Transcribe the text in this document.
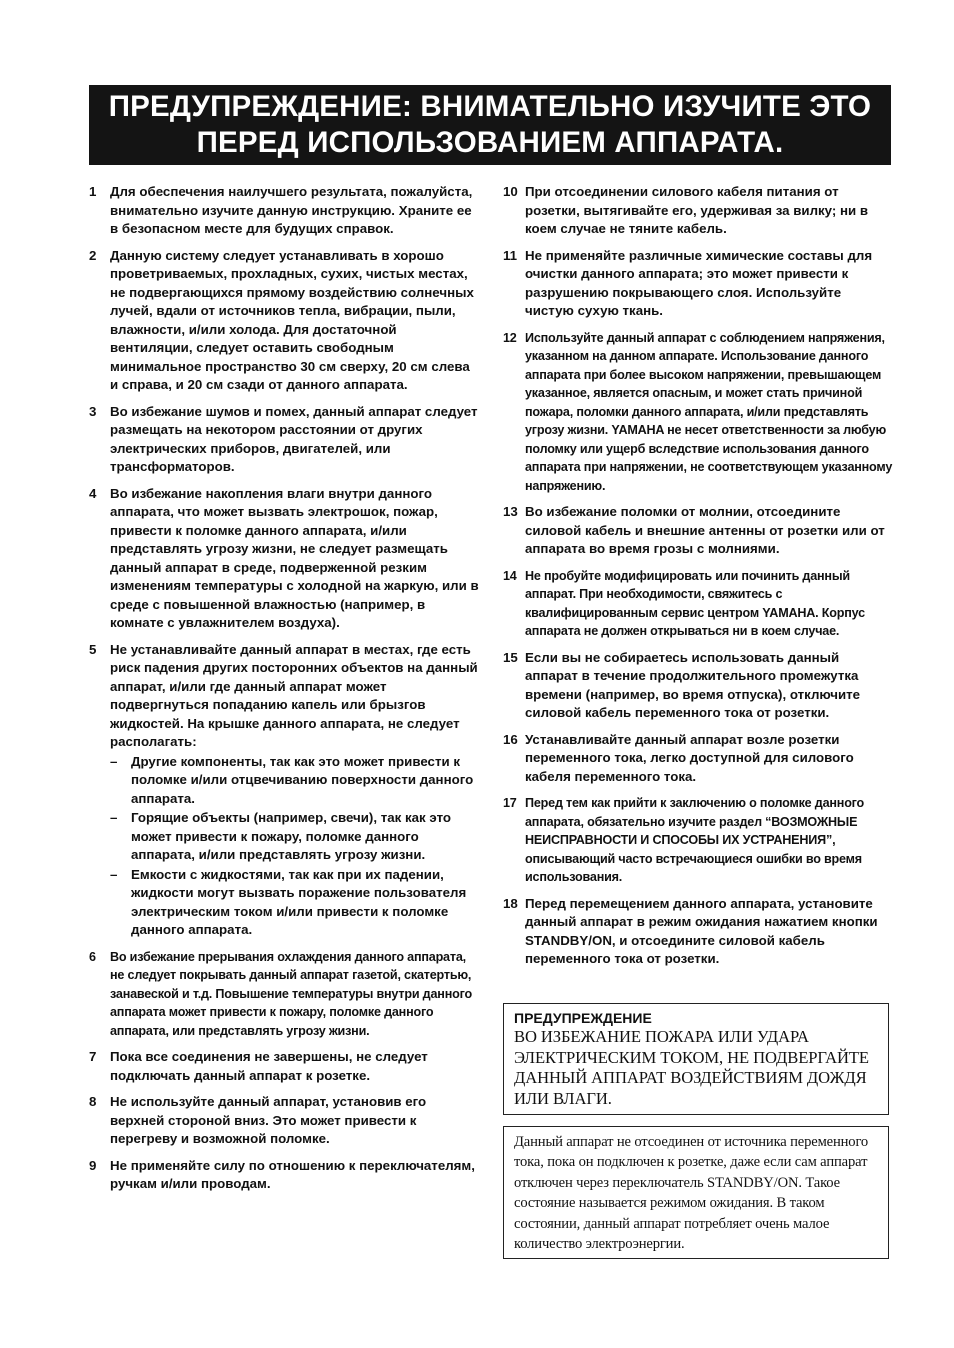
ПРЕДУПРЕЖДЕНИЕ: ВНИМАТЕЛЬНО ИЗУЧИТЕ ЭТО
ПЕРЕД ИСПОЛЬЗОВАНИЕМ АППАРАТА.
1	Для обеспечения наилучшего результата, пожалуйста, внимательно изучите данную инструкцию. Храните ее в безопасном месте для будущих справок.
2	Данную систему следует устанавливать в хорошо проветриваемых, прохладных, сухих, чистых местах, не подвергающихся прямому воздействию солнечных лучей, вдали от источников тепла, вибрации, пыли, влажности, и/или холода. Для достаточной вентиляции, следует оставить свободным минимальное пространство 30 см сверху, 20 см слева и справа, и 20 см сзади от данного аппарата.
3	Во избежание шумов и помех, данный аппарат следует размещать на некотором расстоянии от других электрических приборов, двигателей, или трансформаторов.
4	Во избежание накопления влаги внутри данного аппарата, что может вызвать электрошок, пожар, привести к поломке данного аппарата, и/или представлять угрозу жизни, не следует размещать данный аппарат в среде, подверженной резким изменениям температуры с холодной на жаркую, или в среде с повышенной влажностью (например, в комнате с увлажнителем воздуха).
5	Не устанавливайте данный аппарат в местах, где есть риск падения других посторонних объектов на данный аппарат, и/или где данный аппарат может подвергнуться попаданию капель или брызгов жидкостей. На крышке данного аппарата, не следует располагать:
–	Другие компоненты, так как это может привести к поломке и/или отцвечиванию поверхности данного аппарата.
–	Горящие объекты (например, свечи), так как это может привести к пожару, поломке данного аппарата, и/или представлять угрозу жизни.
–	Емкости с жидкостями, так как при их падении, жидкости могут вызвать поражение пользователя электрическим током и/или привести к поломке данного аппарата.
6	Во избежание прерывания охлаждения данного аппарата, не следует покрывать данный аппарат газетой, скатертью, занавеской и т.д. Повышение температуры внутри данного аппарата может привести к пожару, поломке данного аппарата, или представлять угрозу жизни.
7	Пока все соединения не завершены, не следует подключать данный аппарат к розетке.
8	Не используйте данный аппарат, установив его верхней стороной вниз. Это может привести к перегреву и возможной поломке.
9	Не применяйте силу по отношению к переключателям, ручкам и/или проводам.
10 При отсоединении силового кабеля питания от розетки, вытягивайте его, удерживая за вилку; ни в коем случае не тяните кабель.
11 Не применяйте различные химические составы для очистки данного аппарата; это может привести к разрушению покрывающего слоя. Используйте чистую сухую ткань.
12 Используйте данный аппарат с соблюдением напряжения, указанном на данном аппарате. Использование данного аппарата при более высоком напряжении, превышающем указанное, является опасным, и может стать причиной пожара, поломки данного аппарата, и/или представлять угрозу жизни. YAMAHA не несет ответственности за любую поломку или ущерб вследствие использования данного аппарата при напряжении, не соответствующем указанному напряжению.
13 Во избежание поломки от молнии, отсоедините силовой кабель и внешние антенны от розетки или от аппарата во время грозы с молниями.
14 Не пробуйте модифицировать или починить данный аппарат. При необходимости, свяжитесь с квалифицированным сервис центром YAMAHA. Корпус аппарата не должен открываться ни в коем случае.
15 Если вы не собираетесь использовать данный аппарат в течение продолжительного промежутка времени (например, во время отпуска), отключите силовой кабель переменного тока от розетки.
16 Устанавливайте данный аппарат возле розетки переменного тока, легко доступной для силового кабеля переменного тока.
17 Перед тем как прийти к заключению о поломке данного аппарата, обязательно изучите раздел “ВОЗМОЖНЫЕ НЕИСПРАВНОСТИ И СПОСОБЫ ИХ УСТРАНЕНИЯ”, описывающий часто встречающиеся ошибки во время использования.
18 Перед перемещением данного аппарата, установите данный аппарат в режим ожидания нажатием кнопки STANDBY/ON, и отсоедините силовой кабель переменного тока от розетки.
ПРЕДУПРЕЖДЕНИЕ
ВО ИЗБЕЖАНИЕ ПОЖАРА ИЛИ УДАРА ЭЛЕКТРИЧЕСКИМ ТОКОМ, НЕ ПОДВЕРГАЙТЕ ДАННЫЙ АППАРАТ ВОЗДЕЙСТВИЯМ ДОЖДЯ ИЛИ ВЛАГИ.
Данный аппарат не отсоединен от источника переменного тока, пока он подключен к розетке, даже если сам аппарат отключен через переключатель STANDBY/ON. Такое состояние называется режимом ожидания. В таком состоянии, данный аппарат потребляет очень малое количество электроэнергии.
